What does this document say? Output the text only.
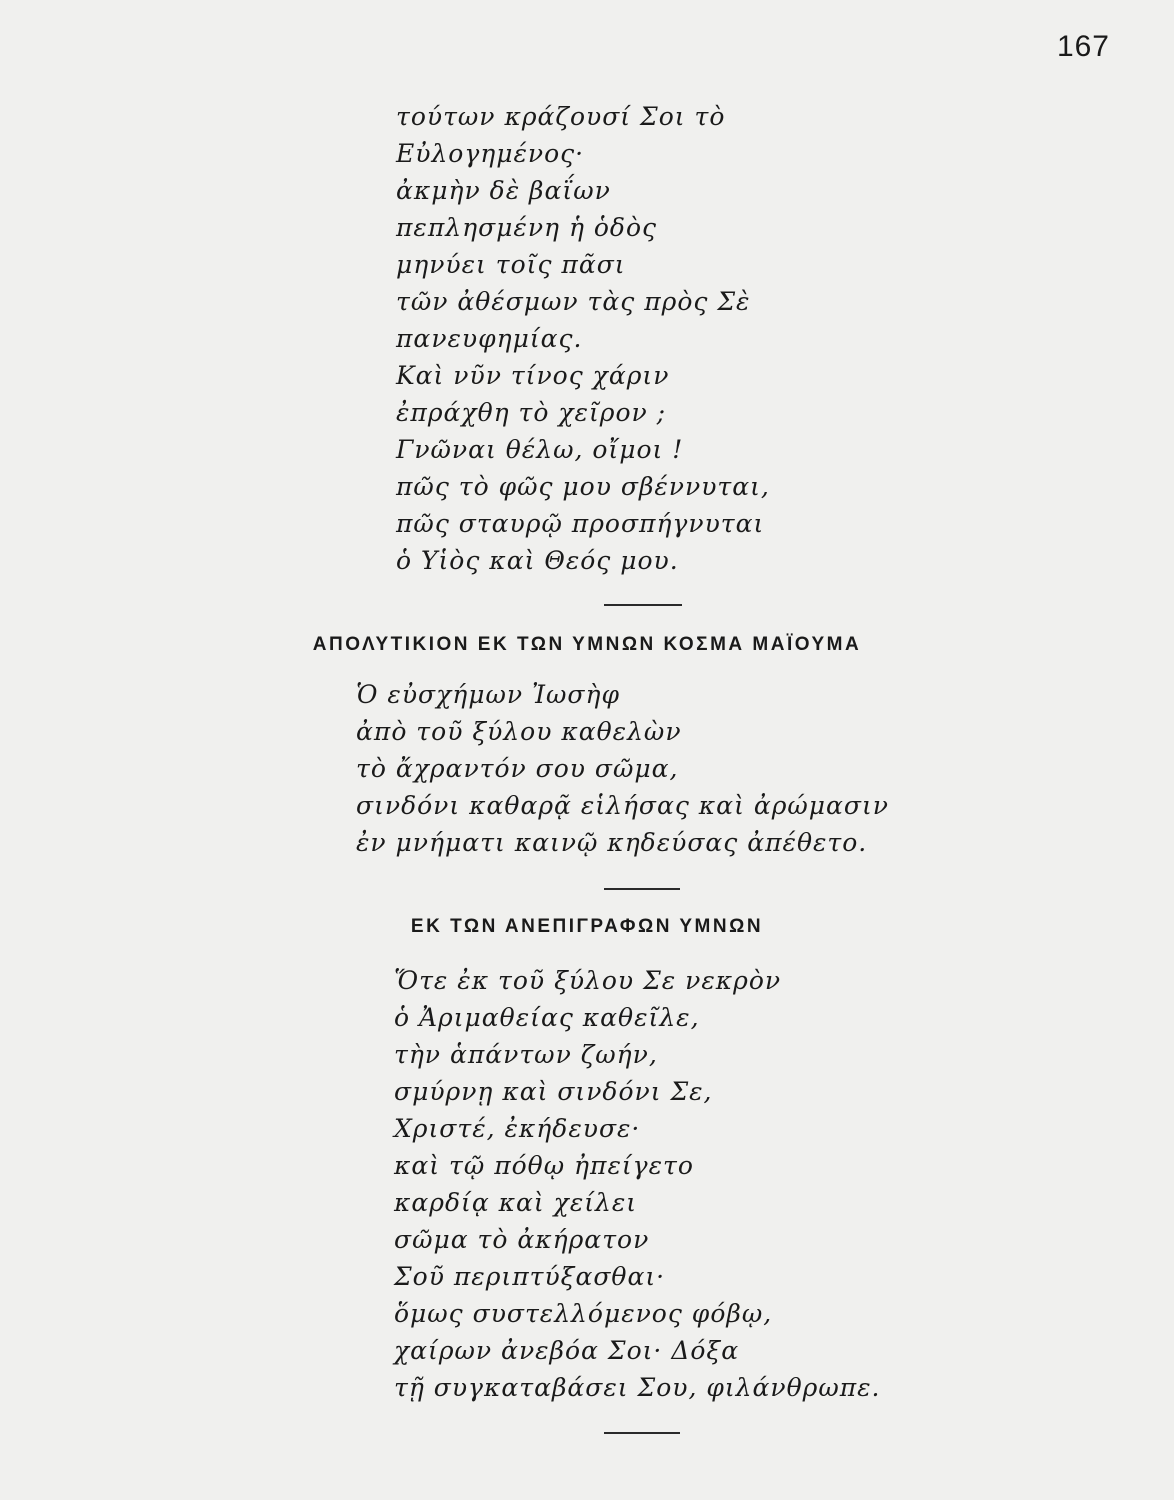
167
τούτων κράζουσί Σοι τὸ
Εὐλογημένος·
ἀκμὴν δὲ βαΐων
πεπλησμένη ἡ ὁδὸς
μηνύει τοῖς πᾶσι
τῶν ἀθέσμων τὰς πρὸς Σὲ
πανευφημίας.
Καὶ νῦν τίνος χάριν
ἐπράχθη τὸ χεῖρον ;
Γνῶναι θέλω, οἴμοι !
πῶς τὸ φῶς μου σβέννυται,
πῶς σταυρῷ προσπήγνυται
ὁ Υἱὸς καὶ Θεός μου.
ΑΠΟΛΥΤΙΚΙΟΝ ΕΚ ΤΩΝ ΥΜΝΩΝ ΚΟΣΜΑ ΜΑΪΟΥΜΑ
Ὁ εὐσχήμων Ἰωσὴφ
ἀπὸ τοῦ ξύλου καθελὼν
τὸ ἄχραντόν σου σῶμα,
σινδόνι καθαρᾷ εἱλήσας καὶ ἀρώμασιν
ἐν μνήματι καινῷ κηδεύσας ἀπέθετο.
ΕΚ ΤΩΝ ΑΝΕΠΙΓΡΑΦΩΝ ΥΜΝΩΝ
Ὅτε ἐκ τοῦ ξύλου Σε νεκρὸν
ὁ Ἀριμαθείας καθεῖλε,
τὴν ἁπάντων ζωήν,
σμύρνῃ καὶ σινδόνι Σε,
Χριστέ, ἐκήδευσε·
καὶ τῷ πόθῳ ἠπείγετο
καρδίᾳ καὶ χείλει
σῶμα τὸ ἀκήρατον
Σοῦ περιπτύξασθαι·
ὅμως συστελλόμενος φόβῳ,
χαίρων ἀνεβόα Σοι· Δόξα
τῇ συγκαταβάσει Σου, φιλάνθρωπε.
